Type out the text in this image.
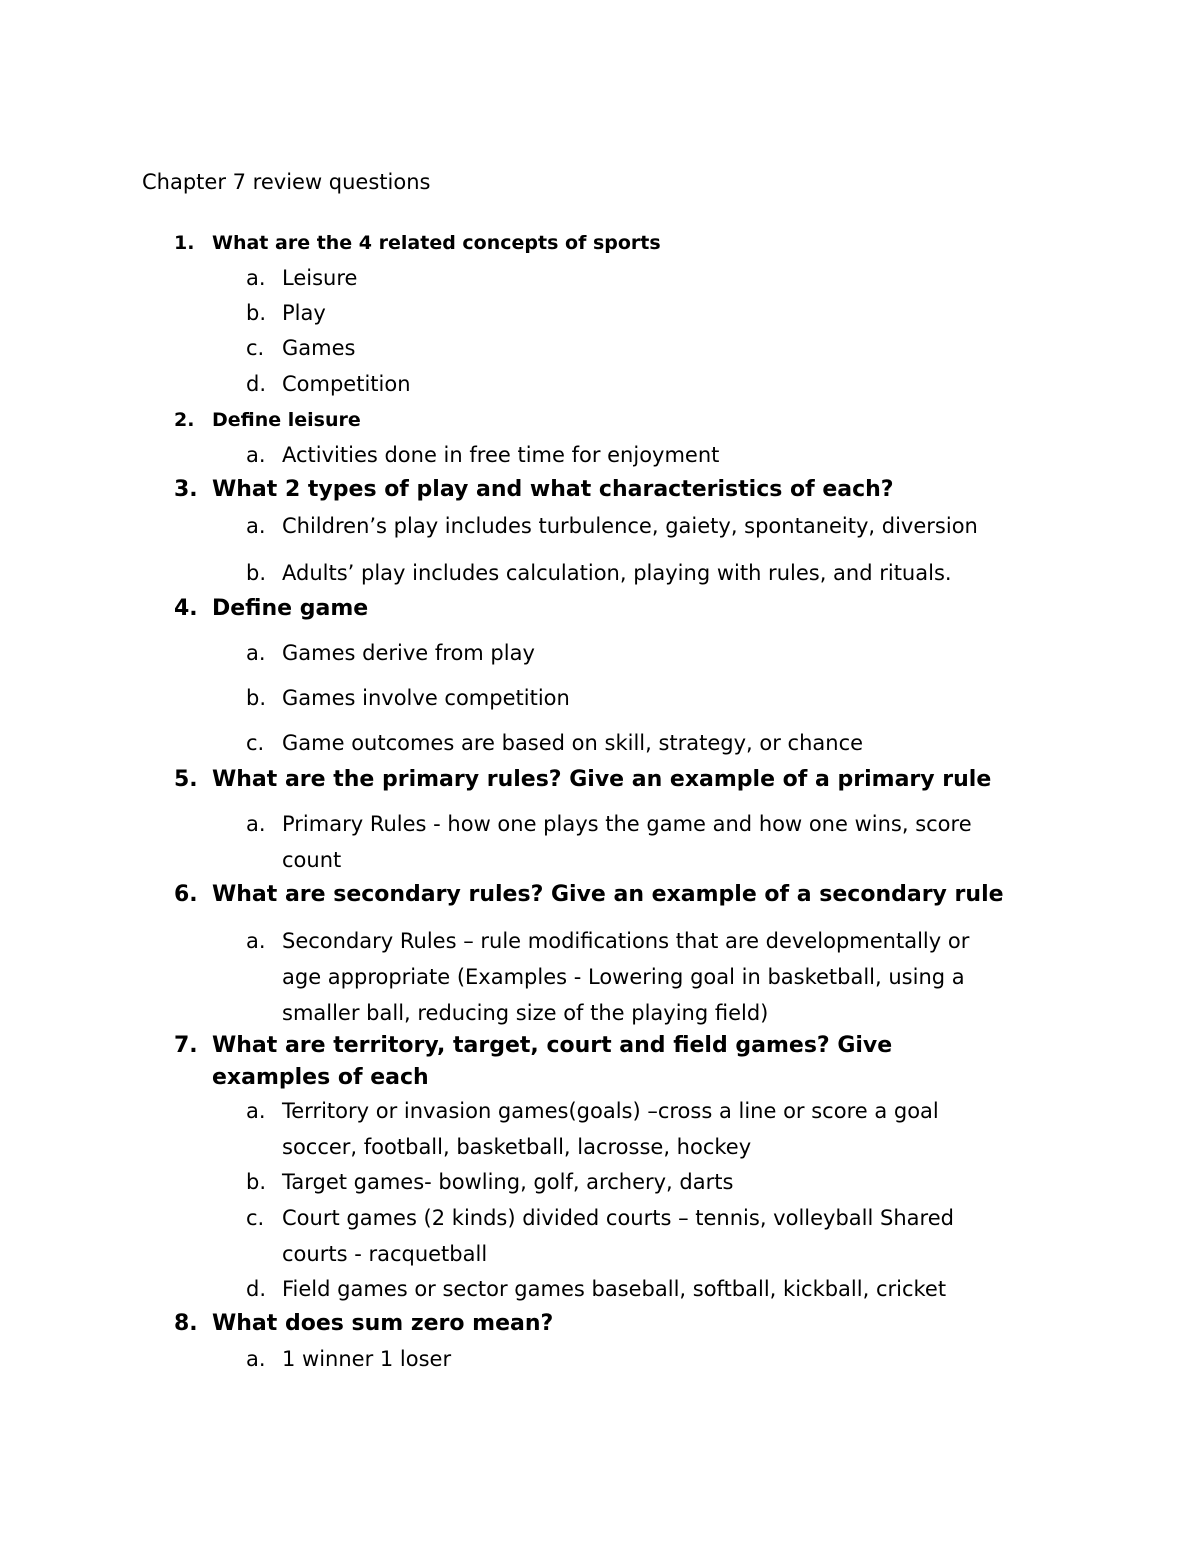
Chapter 7 review questions
1. What are the 4 related concepts of sports
a. Leisure
b. Play
c. Games
d. Competition
2. Define leisure
a. Activities done in free time for enjoyment
3. What 2 types of play and what characteristics of each?
a. Children’s play includes turbulence, gaiety, spontaneity, diversion
b. Adults’ play includes calculation, playing with rules, and rituals.
4. Define game
a. Games derive from play
b. Games involve competition
c. Game outcomes are based on skill, strategy, or chance
5. What are the primary rules? Give an example of a primary rule
a. Primary Rules - how one plays the game and how one wins, score
count
6. What are secondary rules? Give an example of a secondary rule
a. Secondary Rules – rule modifications that are developmentally or
age appropriate (Examples - Lowering goal in basketball, using a
smaller ball, reducing size of the playing field)
7. What are territory, target, court and field games? Give
examples of each
a. Territory or invasion games(goals) –cross a line or score a goal
soccer, football, basketball, lacrosse, hockey
b. Target games- bowling, golf, archery, darts
c. Court games (2 kinds) divided courts – tennis, volleyball Shared
courts - racquetball
d. Field games or sector games baseball, softball, kickball, cricket
8. What does sum zero mean?
a. 1 winner 1 loser
